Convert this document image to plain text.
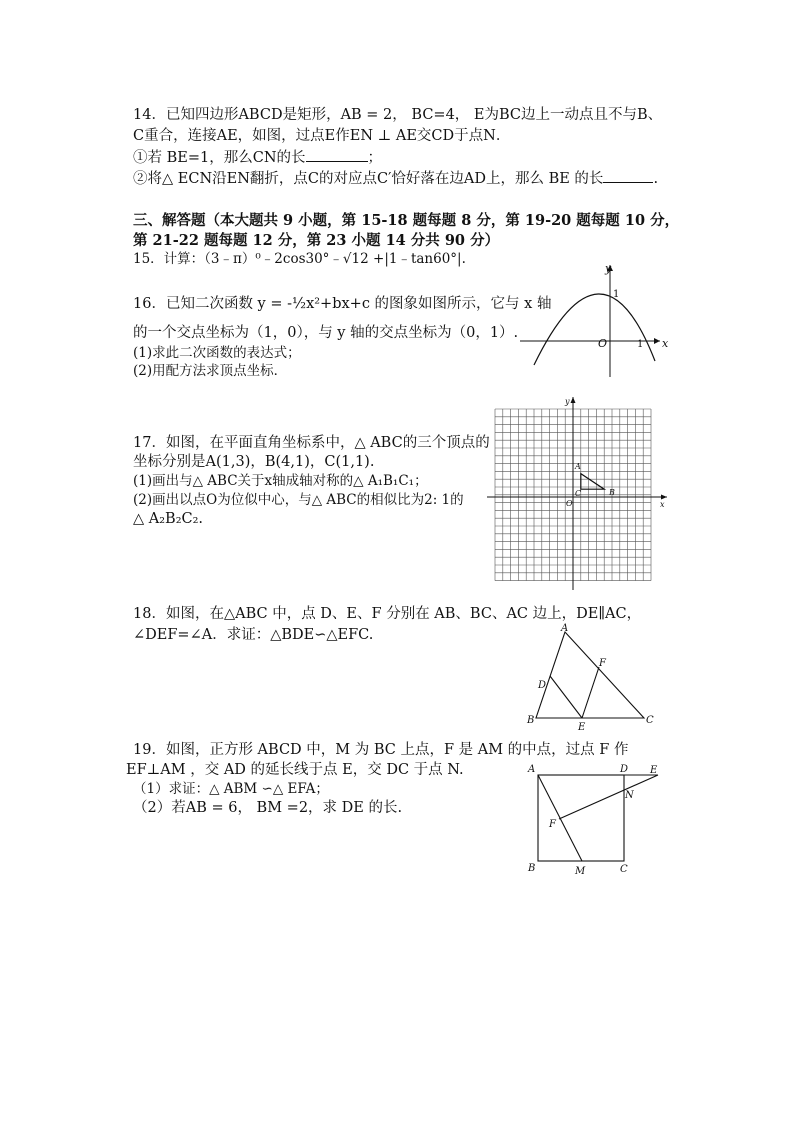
14．已知四边形ABCD是矩形，AB = 2， BC=4， E为BC边上一动点且不与B、
C重合，连接AE，如图，过点E作EN ⊥ AE交CD于点N．
①若 BE=1，那么CN的长	；
②将△ ECN沿EN翻折，点C的对应点C′恰好落在边AD上，那么 BE 的长	.
三、解答题（本大题共 9 小题，第 15-18 题每题 8 分，第 19-20 题每题 10 分，
第 21-22 题每题 12 分，第 23 小题 14 分共 90 分）
15．计算：（3﹣π）⁰﹣2cos30°﹣√12 +|1﹣tan60°|.
16．已知二次函数 y = -½x²+bx+c 的图象如图所示，它与 x 轴
的一个交点坐标为（1，0），与 y 轴的交点坐标为（0，1）.
(1)求此二次函数的表达式；
(2)用配方法求顶点坐标．
y
x
O	1
1
17．如图，在平面直角坐标系中，△ ABC的三个顶点的
坐标分别是A(1,3)，B(4,1)，C(1,1).
(1)画出与△ ABC关于x轴成轴对称的△ A₁B₁C₁；
(2)画出以点O为位似中心，与△ ABC的相似比为2: 1的
△ A₂B₂C₂.
y
x
O
A
B
C
18．如图，在△ABC 中，点 D、E、F 分别在 AB、BC、AC 边上，DE∥AC，
∠DEF=∠A．求证：△BDE∽△EFC.	A
B	C
D
E
F
19．如图，正方形 ABCD 中，M 为 BC 上点，F 是 AM 的中点，过点 F 作
EF⊥AM ，交 AD 的延长线于点 E，交 DC 于点 N.
（1）求证：△ ABM ∽△ EFA；
（2）若AB = 6， BM =2，求 DE 的长.
A
B	C
D E
F
M
N
